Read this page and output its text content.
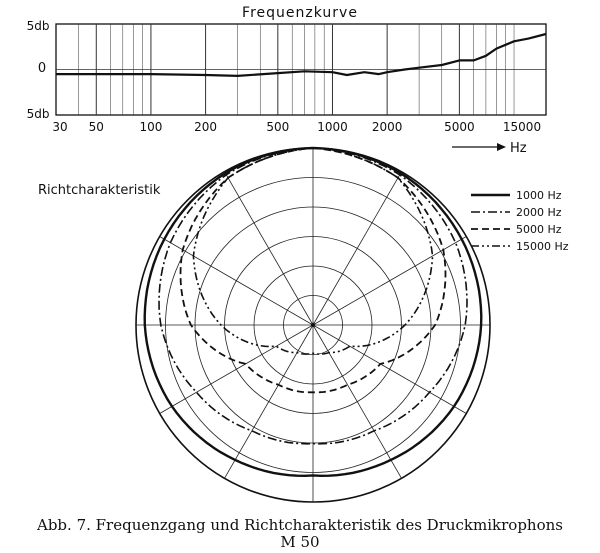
Frequenzkurve
30 50	100	200	500 1000 2000	5000 15000
5db
0
5db
Hz
Richtcharakteristik	1000 Hz
2000 Hz
5000 Hz
15000 Hz
Abb. 7. Frequenzgang und Richtcharakteristik des Druckmikrophons
M 50
